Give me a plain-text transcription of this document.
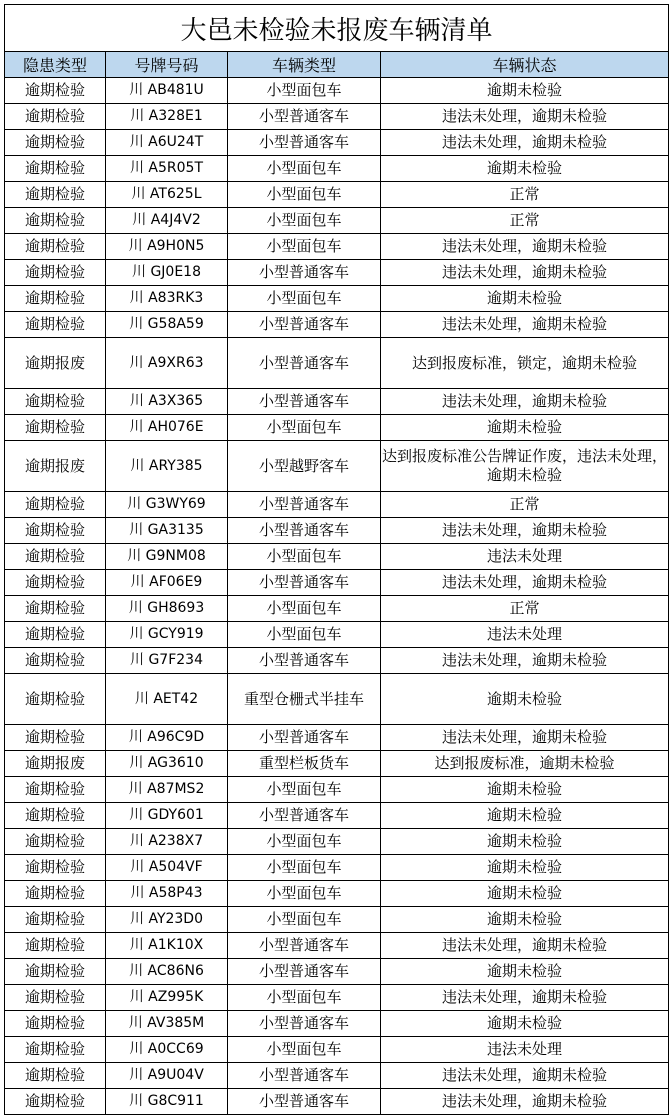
大邑未检验未报废车辆清单			
隐患类型	号牌号码	车辆类型	车辆状态
逾期检验	川 AB481U	小型面包车	逾期未检验
逾期检验	川 A328E1	小型普通客车	违法未处理，逾期未检验
逾期检验	川 A6U24T	小型普通客车	违法未处理，逾期未检验
逾期检验	川 A5R05T	小型面包车	逾期未检验
逾期检验	川 AT625L	小型面包车	正常
逾期检验	川 A4J4V2	小型面包车	正常
逾期检验	川 A9H0N5	小型面包车	违法未处理，逾期未检验
逾期检验	川 GJ0E18	小型普通客车	违法未处理，逾期未检验
逾期检验	川 A83RK3	小型面包车	逾期未检验
逾期检验	川 G58A59	小型普通客车	违法未处理，逾期未检验
逾期报废	川 A9XR63	小型普通客车	达到报废标准，锁定，逾期未检验
逾期检验	川 A3X365	小型普通客车	违法未处理，逾期未检验
逾期检验	川 AH076E	小型面包车	逾期未检验
逾期报废	川 ARY385	小型越野客车	达到报废标准公告牌证作废，违法未处理，逾期未检验
逾期检验	川 G3WY69	小型普通客车	正常
逾期检验	川 GA3135	小型普通客车	违法未处理，逾期未检验
逾期检验	川 G9NM08	小型面包车	违法未处理
逾期检验	川 AF06E9	小型普通客车	违法未处理，逾期未检验
逾期检验	川 GH8693	小型面包车	正常
逾期检验	川 GCY919	小型面包车	违法未处理
逾期检验	川 G7F234	小型普通客车	违法未处理，逾期未检验
逾期检验	川 AET42	重型仓栅式半挂车	逾期未检验
逾期检验	川 A96C9D	小型普通客车	违法未处理，逾期未检验
逾期报废	川 AG3610	重型栏板货车	达到报废标准，逾期未检验
逾期检验	川 A87MS2	小型面包车	逾期未检验
逾期检验	川 GDY601	小型普通客车	逾期未检验
逾期检验	川 A238X7	小型面包车	逾期未检验
逾期检验	川 A504VF	小型面包车	逾期未检验
逾期检验	川 A58P43	小型面包车	逾期未检验
逾期检验	川 AY23D0	小型面包车	逾期未检验
逾期检验	川 A1K10X	小型普通客车	违法未处理，逾期未检验
逾期检验	川 AC86N6	小型普通客车	逾期未检验
逾期检验	川 AZ995K	小型面包车	违法未处理，逾期未检验
逾期检验	川 AV385M	小型普通客车	逾期未检验
逾期检验	川 A0CC69	小型面包车	违法未处理
逾期检验	川 A9U04V	小型普通客车	违法未处理，逾期未检验
逾期检验	川 G8C911	小型普通客车	违法未处理，逾期未检验
